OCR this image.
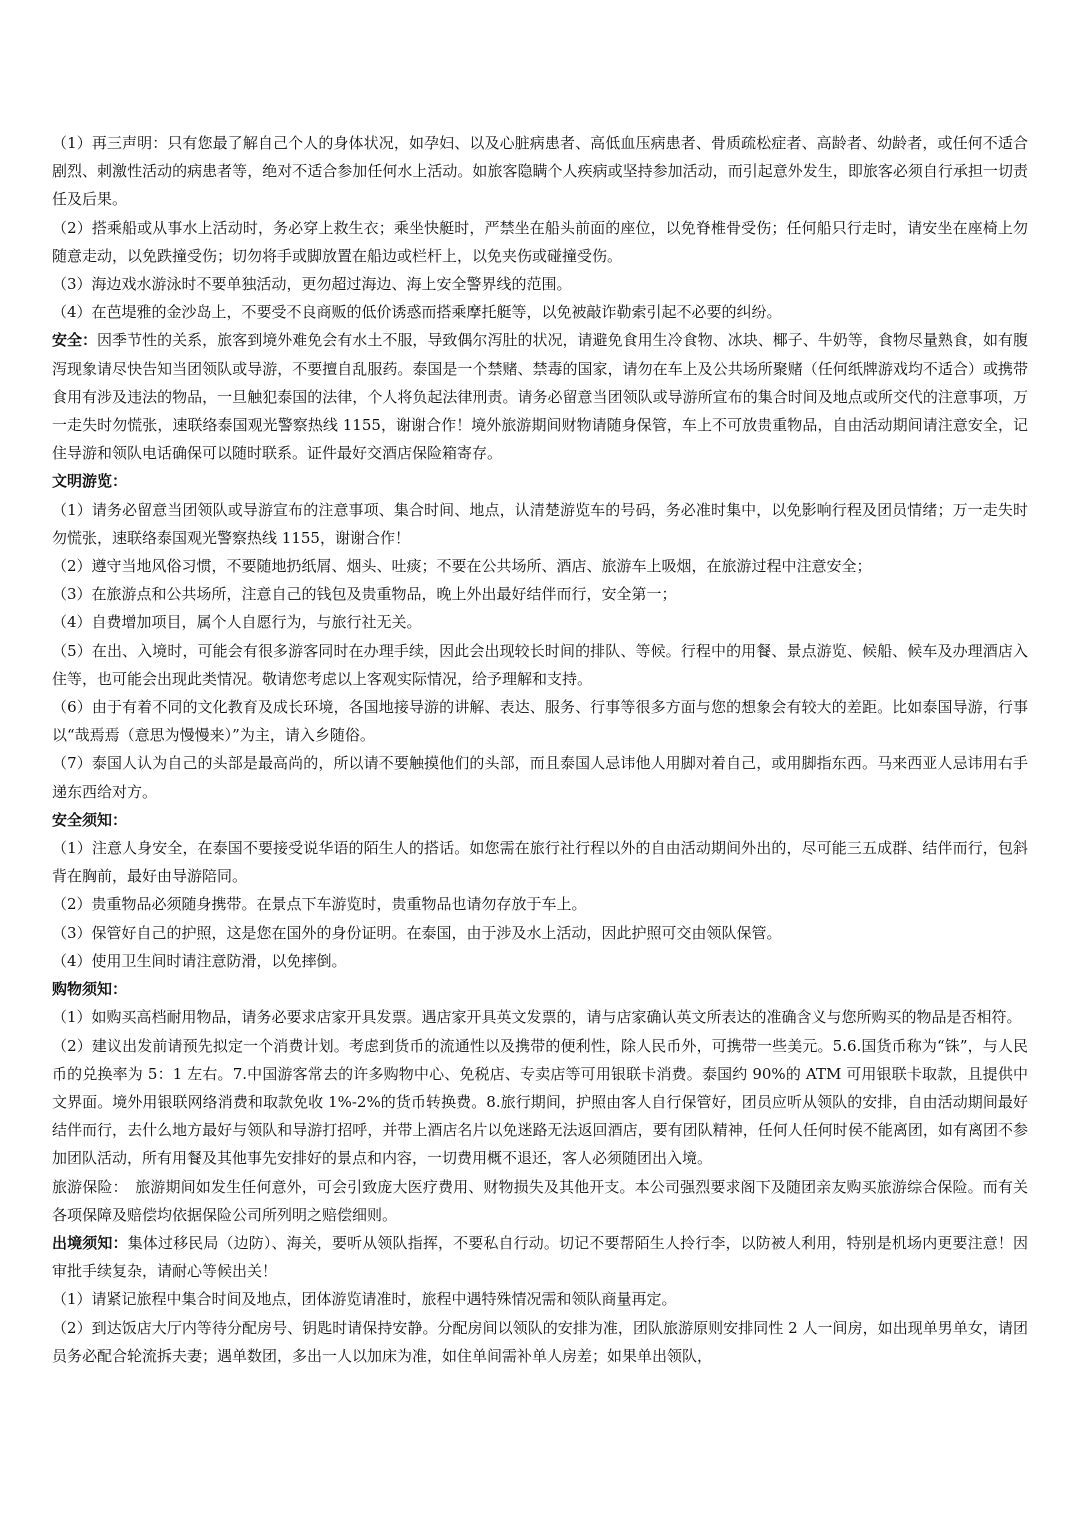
（1）再三声明：只有您最了解自己个人的身体状况，如孕妇、以及心脏病患者、高低血压病患者、骨质疏松症者、高龄者、幼龄者，或任何不适合剧烈、刺激性活动的病患者等，绝对不适合参加任何水上活动。如旅客隐瞒个人疾病或坚持参加活动，而引起意外发生，即旅客必须自行承担一切责任及后果。

（2）搭乘船或从事水上活动时，务必穿上救生衣；乘坐快艇时，严禁坐在船头前面的座位，以免脊椎骨受伤；任何船只行走时，请安坐在座椅上勿随意走动，以免跌撞受伤；切勿将手或脚放置在船边或栏杆上，以免夹伤或碰撞受伤。

（3）海边戏水游泳时不要单独活动，更勿超过海边、海上安全警界线的范围。

（4）在芭堤雅的金沙岛上，不要受不良商贩的低价诱惑而搭乘摩托艇等，以免被敲诈勒索引起不必要的纠纷。

安全：因季节性的关系，旅客到境外难免会有水土不服，导致偶尔泻肚的状况，请避免食用生冷食物、冰块、椰子、牛奶等，食物尽量熟食，如有腹泻现象请尽快告知当团领队或导游，不要擅自乱服药。泰国是一个禁赌、禁毒的国家，请勿在车上及公共场所聚赌（任何纸牌游戏均不适合）或携带食用有涉及违法的物品，一旦触犯泰国的法律，个人将负起法律刑责。请务必留意当团领队或导游所宣布的集合时间及地点或所交代的注意事项，万一走失时勿慌张，速联络泰国观光警察热线 1155，谢谢合作！境外旅游期间财物请随身保管，车上不可放贵重物品，自由活动期间请注意安全，记住导游和领队电话确保可以随时联系。证件最好交酒店保险箱寄存。

文明游览：

（1）请务必留意当团领队或导游宣布的注意事项、集合时间、地点，认清楚游览车的号码，务必准时集中，以免影响行程及团员情绪；万一走失时勿慌张，速联络泰国观光警察热线 1155，谢谢合作！

（2）遵守当地风俗习惯，不要随地扔纸屑、烟头、吐痰；不要在公共场所、酒店、旅游车上吸烟，在旅游过程中注意安全；

（3）在旅游点和公共场所，注意自己的钱包及贵重物品，晚上外出最好结伴而行，安全第一；

（4）自费增加项目，属个人自愿行为，与旅行社无关。

（5）在出、入境时，可能会有很多游客同时在办理手续，因此会出现较长时间的排队、等候。行程中的用餐、景点游览、候船、候车及办理酒店入住等，也可能会出现此类情况。敬请您考虑以上客观实际情况，给予理解和支持。

（6）由于有着不同的文化教育及成长环境，各国地接导游的讲解、表达、服务、行事等很多方面与您的想象会有较大的差距。比如泰国导游，行事以“哉焉焉（意思为慢慢来）”为主，请入乡随俗。

（7）泰国人认为自己的头部是最高尚的，所以请不要触摸他们的头部，而且泰国人忌讳他人用脚对着自己，或用脚指东西。马来西亚人忌讳用右手递东西给对方。

安全须知：

（1）注意人身安全，在泰国不要接受说华语的陌生人的搭话。如您需在旅行社行程以外的自由活动期间外出的，尽可能三五成群、结伴而行，包斜背在胸前，最好由导游陪同。

（2）贵重物品必须随身携带。在景点下车游览时，贵重物品也请勿存放于车上。

（3）保管好自己的护照，这是您在国外的身份证明。在泰国，由于涉及水上活动，因此护照可交由领队保管。

（4）使用卫生间时请注意防滑，以免摔倒。

购物须知：

（1）如购买高档耐用物品，请务必要求店家开具发票。遇店家开具英文发票的，请与店家确认英文所表达的准确含义与您所购买的物品是否相符。

（2）建议出发前请预先拟定一个消费计划。考虑到货币的流通性以及携带的便利性，除人民币外，可携带一些美元。5.6.国货币称为“铢”，与人民币的兑换率为 5：1 左右。7.中国游客常去的许多购物中心、免税店、专卖店等可用银联卡消费。泰国约 90%的 ATM 可用银联卡取款，且提供中文界面。境外用银联网络消费和取款免收 1%-2%的货币转换费。8.旅行期间，护照由客人自行保管好，团员应听从领队的安排，自由活动期间最好结伴而行，去什么地方最好与领队和导游打招呼，并带上酒店名片以免迷路无法返回酒店，要有团队精神，任何人任何时侯不能离团，如有离团不参加团队活动，所有用餐及其他事先安排好的景点和内容，一切费用概不退还，客人必须随团出入境。

旅游保险：　旅游期间如发生任何意外，可会引致庞大医疗费用、财物损失及其他开支。本公司强烈要求阁下及随团亲友购买旅游综合保险。而有关各项保障及赔偿均依据保险公司所列明之赔偿细则。

出境须知：集体过移民局（边防）、海关，要听从领队指挥，不要私自行动。切记不要帮陌生人拎行李，以防被人利用，特别是机场内更要注意！因审批手续复杂，请耐心等候出关！

（1）请紧记旅程中集合时间及地点，团体游览请准时，旅程中遇特殊情况需和领队商量再定。

（2）到达饭店大厅内等待分配房号、钥匙时请保持安静。分配房间以领队的安排为准，团队旅游原则安排同性 2 人一间房，如出现单男单女，请团员务必配合轮流拆夫妻；遇单数团，多出一人以加床为准，如住单间需补单人房差；如果单出领队，
